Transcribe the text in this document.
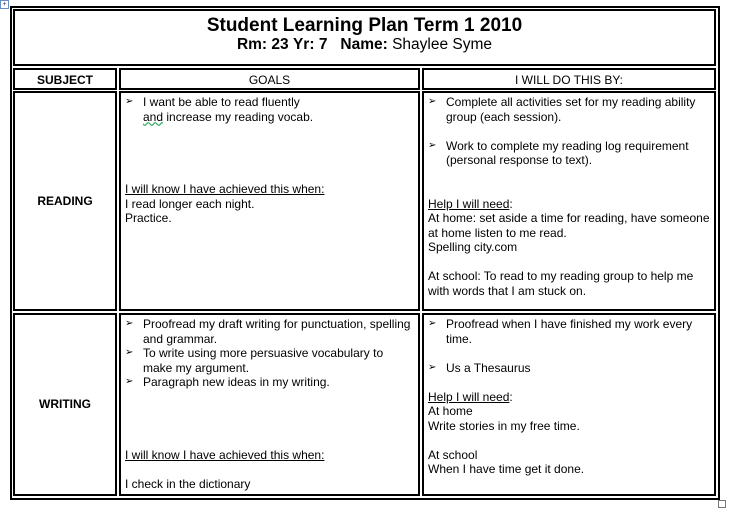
+
Student Learning Plan Term 1 2010
Rm: 23 Yr: 7 Name: Shaylee Syme
SUBJECT	GOALS	I WILL DO THIS BY:
READING
➢ I want be able to read fluently
and increase my reading vocab.
I will know I have achieved this when:
I read longer each night.
Practice.
➢ Complete all activities set for my reading ability group (each session).
➢ Work to complete my reading log requirement (personal response to text).
Help I will need:
At home: set aside a time for reading, have someone at home listen to me read.
Spelling city.com
At school: To read to my reading group to help me with words that I am stuck on.
WRITING
➢ Proofread my draft writing for punctuation, spelling and grammar.
➢ To write using more persuasive vocabulary to make my argument.
➢ Paragraph new ideas in my writing.
I will know I have achieved this when:
I check in the dictionary
➢ Proofread when I have finished my work every time.
➢ Us a Thesaurus
Help I will need:
At home
Write stories in my free time.
At school
When I have time get it done.
